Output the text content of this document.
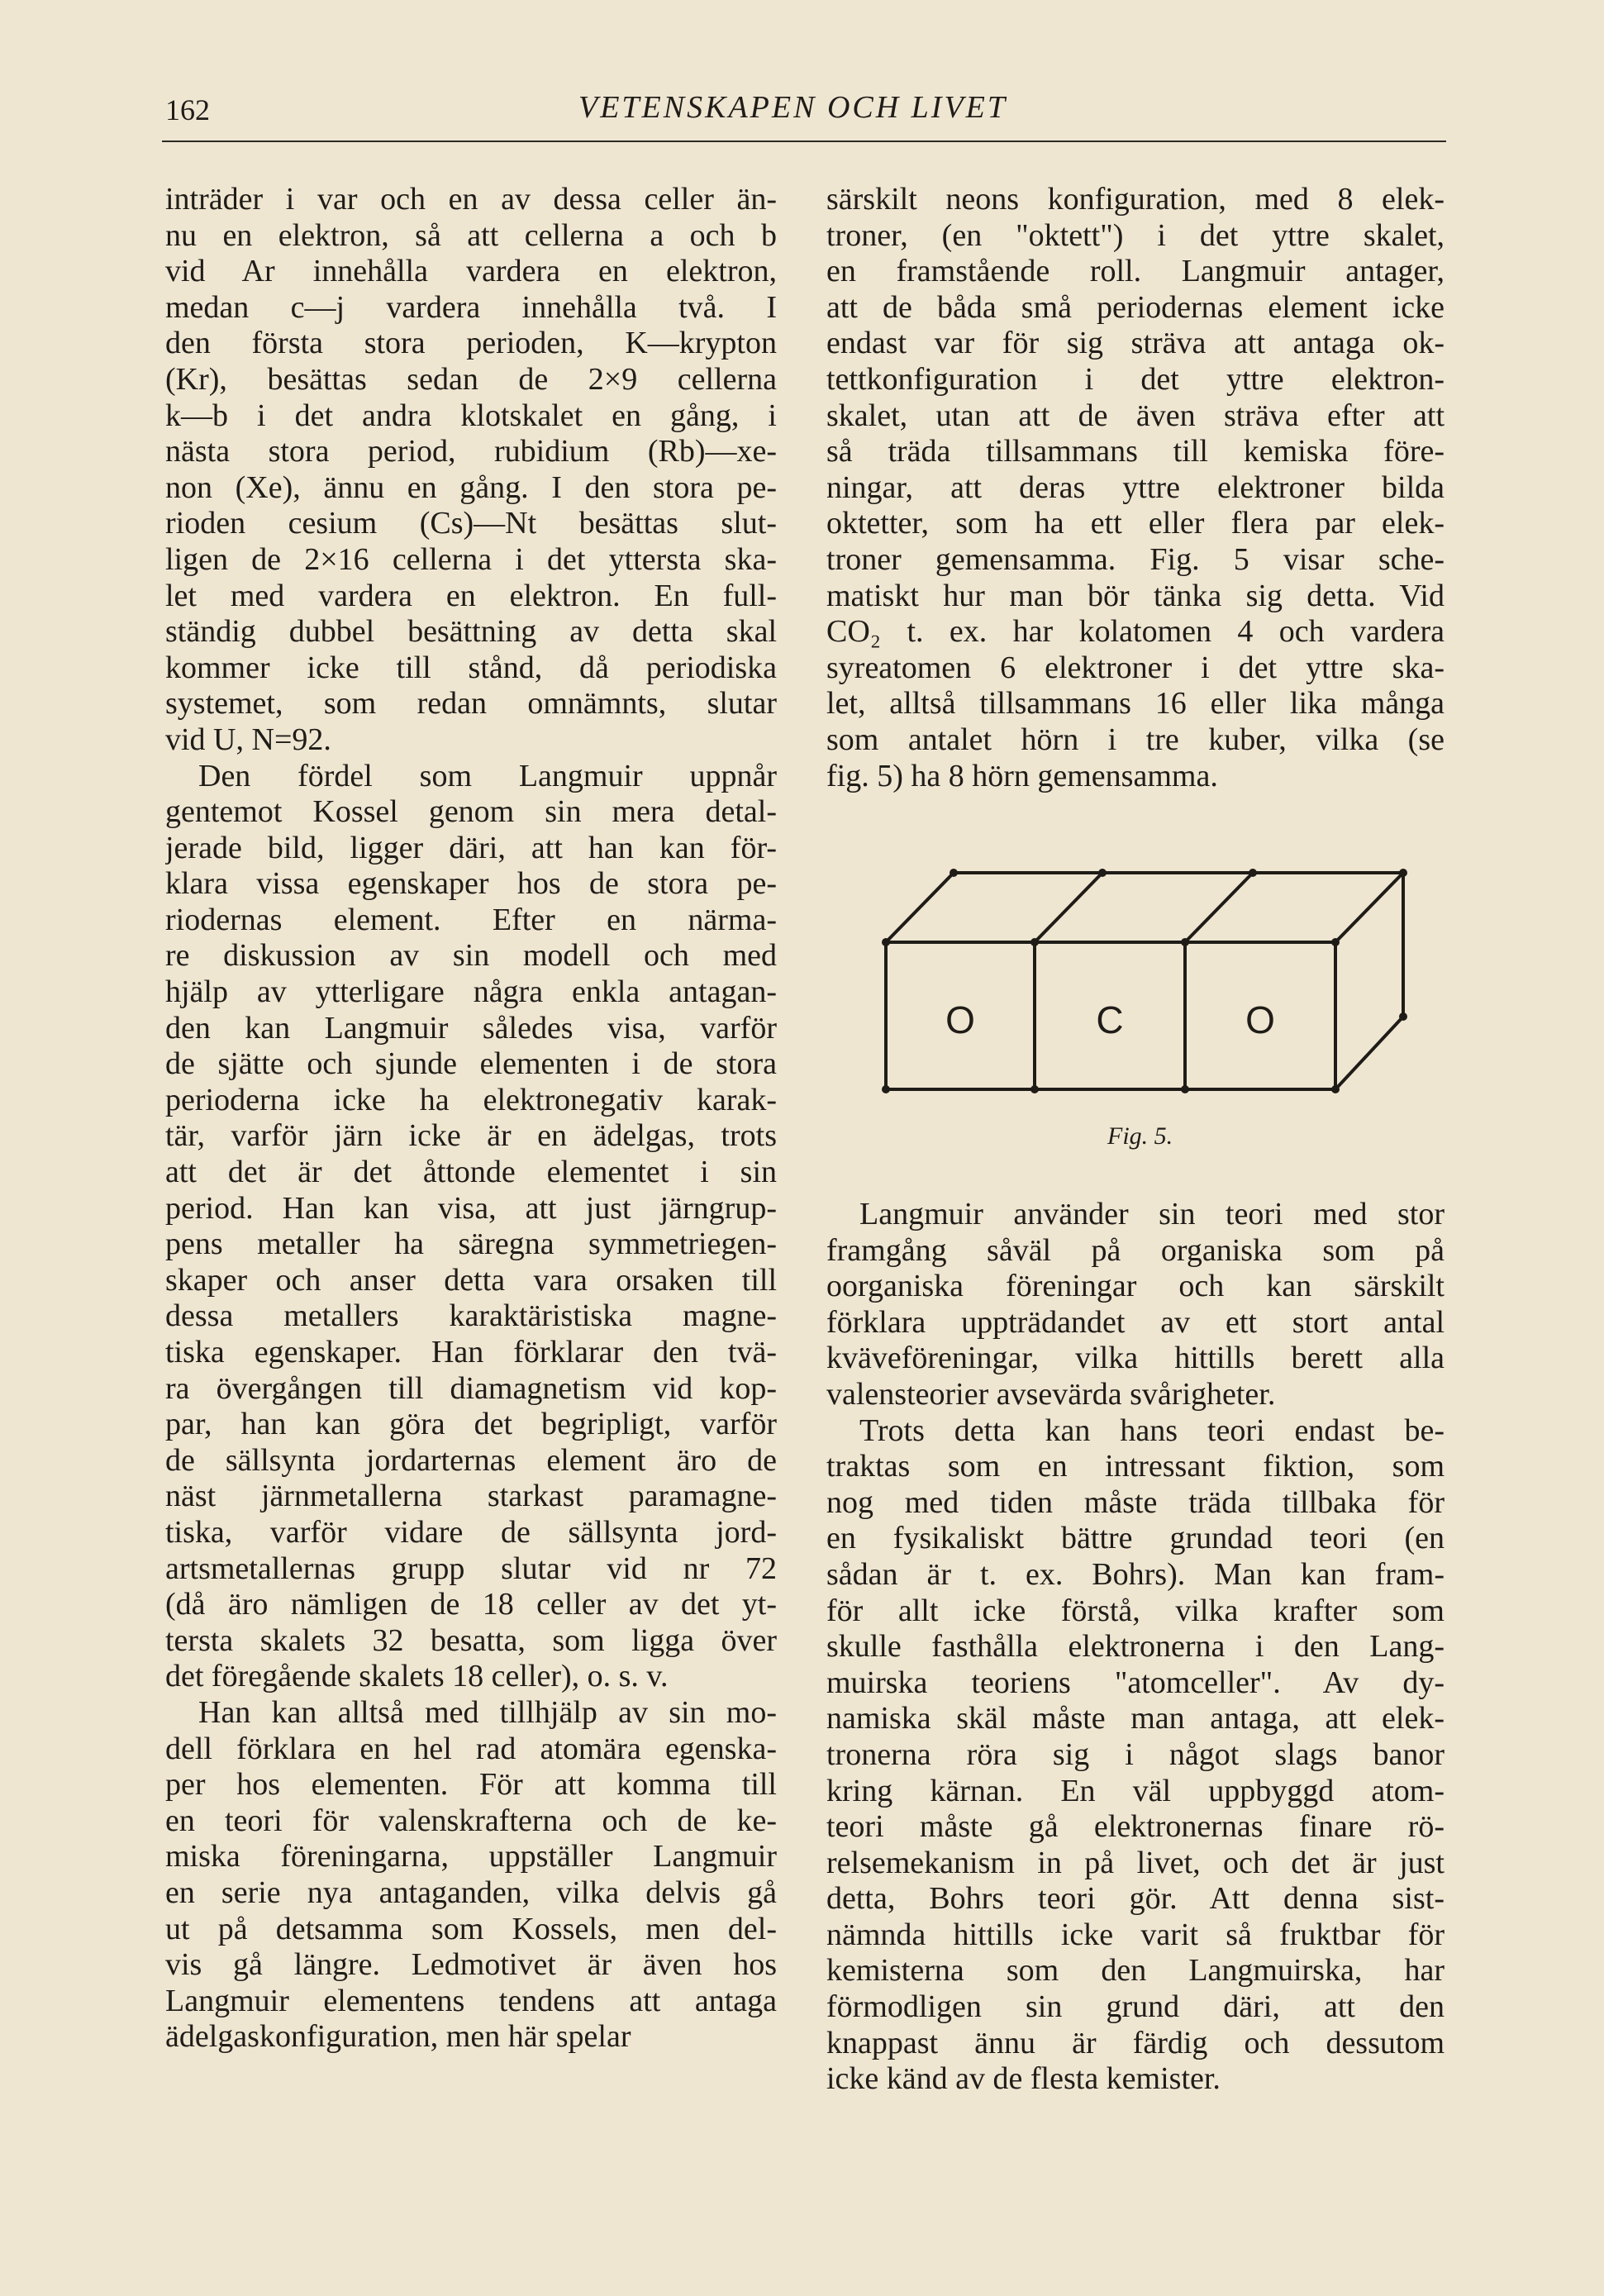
162	VETENSKAPEN OCH LIVET
inträder i var och en av dessa celler än-
nu en elektron, så att cellerna a och b
vid Ar innehålla vardera en elektron,
medan c—j vardera innehålla två. I
den första stora perioden, K—krypton
(Kr), besättas sedan de 2×9 cellerna
k—b i det andra klotskalet en gång, i
nästa stora period, rubidium (Rb)—xe-
non (Xe), ännu en gång. I den stora pe-
rioden cesium (Cs)—Nt besättas slut-
ligen de 2×16 cellerna i det yttersta ska-
let med vardera en elektron. En full-
ständig dubbel besättning av detta skal
kommer icke till stånd, då periodiska
systemet, som redan omnämnts, slutar
vid U, N=92.
Den fördel som Langmuir uppnår
gentemot Kossel genom sin mera detal-
jerade bild, ligger däri, att han kan för-
klara vissa egenskaper hos de stora pe-
riodernas element. Efter en närma-
re diskussion av sin modell och med
hjälp av ytterligare några enkla antagan-
den kan Langmuir således visa, varför
de sjätte och sjunde elementen i de stora
perioderna icke ha elektronegativ karak-
tär, varför järn icke är en ädelgas, trots
att det är det åttonde elementet i sin
period. Han kan visa, att just järngrup-
pens metaller ha säregna symmetriegen-
skaper och anser detta vara orsaken till
dessa metallers karaktäristiska magne-
tiska egenskaper. Han förklarar den tvä-
ra övergången till diamagnetism vid kop-
par, han kan göra det begripligt, varför
de sällsynta jordarternas element äro de
näst järnmetallerna starkast paramagne-
tiska, varför vidare de sällsynta jord-
artsmetallernas grupp slutar vid nr 72
(då äro nämligen de 18 celler av det yt-
tersta skalets 32 besatta, som ligga över
det föregående skalets 18 celler), o. s. v.
Han kan alltså med tillhjälp av sin mo-
dell förklara en hel rad atomära egenska-
per hos elementen. För att komma till
en teori för valenskrafterna och de ke-
miska föreningarna, uppställer Langmuir
en serie nya antaganden, vilka delvis gå
ut på detsamma som Kossels, men del-
vis gå längre. Ledmotivet är även hos
Langmuir elementens tendens att antaga
ädelgaskonfiguration, men här spelar
särskilt neons konfiguration, med 8 elek-
troner, (en "oktett") i det yttre skalet,
en framstående roll. Langmuir antager,
att de båda små periodernas element icke
endast var för sig sträva att antaga ok-
tettkonfiguration i det yttre elektron-
skalet, utan att de även sträva efter att
så träda tillsammans till kemiska före-
ningar, att deras yttre elektroner bilda
oktetter, som ha ett eller flera par elek-
troner gemensamma. Fig. 5 visar sche-
matiskt hur man bör tänka sig detta. Vid
CO₂ t. ex. har kolatomen 4 och vardera
syreatomen 6 elektroner i det yttre ska-
let, alltså tillsammans 16 eller lika många
som antalet hörn i tre kuber, vilka (se
fig. 5) ha 8 hörn gemensamma.
O	C	O
Fig. 5.
Langmuir använder sin teori med stor
framgång såväl på organiska som på
oorganiska föreningar och kan särskilt
förklara uppträdandet av ett stort antal
kväveföreningar, vilka hittills berett alla
valensteorier avsevärda svårigheter.
Trots detta kan hans teori endast be-
traktas som en intressant fiktion, som
nog med tiden måste träda tillbaka för
en fysikaliskt bättre grundad teori (en
sådan är t. ex. Bohrs). Man kan fram-
för allt icke förstå, vilka krafter som
skulle fasthålla elektronerna i den Lang-
muirska teoriens "atomceller". Av dy-
namiska skäl måste man antaga, att elek-
tronerna röra sig i något slags banor
kring kärnan. En väl uppbyggd atom-
teori måste gå elektronernas finare rö-
relsemekanism in på livet, och det är just
detta, Bohrs teori gör. Att denna sist-
nämnda hittills icke varit så fruktbar för
kemisterna som den Langmuirska, har
förmodligen sin grund däri, att den
knappast ännu är färdig och dessutom
icke känd av de flesta kemister.
